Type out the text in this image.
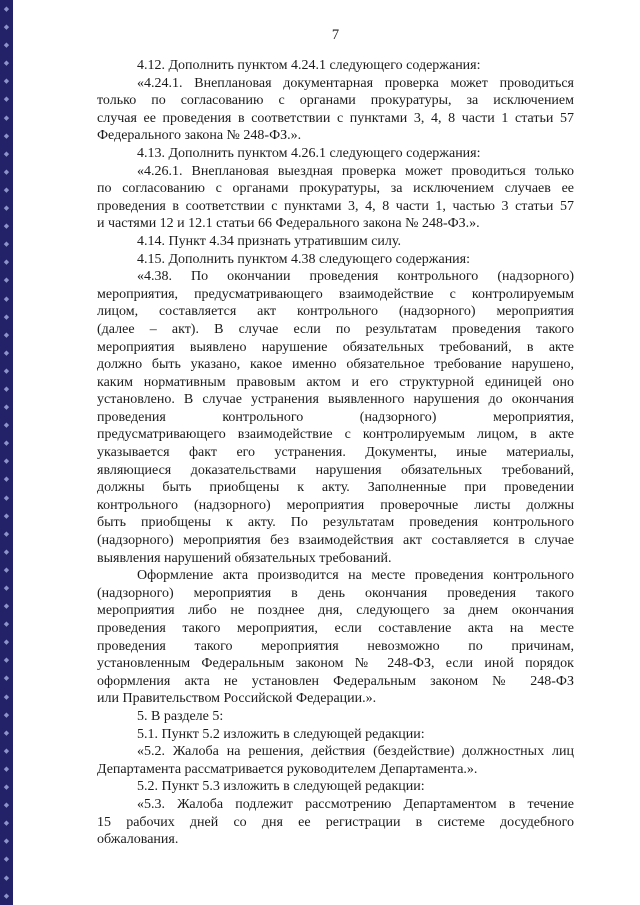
◆
◆
◆
◆
◆
◆
◆
◆
◆
◆
◆
◆
◆
◆
◆
◆
◆
◆
◆
◆
◆
◆
◆
◆
◆
◆
◆
◆
◆
◆
◆
◆
◆
◆
◆
◆
◆
◆
◆
◆
◆
◆
◆
◆
◆
◆
◆
◆
◆
◆
7
4.12. Дополнить пунктом 4.24.1 следующего содержания:
«4.24.1. Внеплановая документарная проверка может проводиться
только по согласованию с органами прокуратуры, за исключением
случая ее проведения в соответствии с пунктами 3, 4, 8 части 1 статьи 57
Федерального закона № 248-ФЗ.».
4.13. Дополнить пунктом 4.26.1 следующего содержания:
«4.26.1. Внеплановая выездная проверка может проводиться только
по согласованию с органами прокуратуры, за исключением случаев ее
проведения в соответствии с пунктами 3, 4, 8 части 1, частью 3 статьи 57
и частями 12 и 12.1 статьи 66 Федерального закона № 248-ФЗ.».
4.14. Пункт 4.34 признать утратившим силу.
4.15. Дополнить пунктом 4.38 следующего содержания:
«4.38. По окончании проведения контрольного (надзорного)
мероприятия, предусматривающего взаимодействие с контролируемым
лицом, составляется акт контрольного (надзорного) мероприятия
(далее – акт). В случае если по результатам проведения такого
мероприятия выявлено нарушение обязательных требований, в акте
должно быть указано, какое именно обязательное требование нарушено,
каким нормативным правовым актом и его структурной единицей оно
установлено. В случае устранения выявленного нарушения до окончания
проведения контрольного (надзорного) мероприятия,
предусматривающего взаимодействие с контролируемым лицом, в акте
указывается факт его устранения. Документы, иные материалы,
являющиеся доказательствами нарушения обязательных требований,
должны быть приобщены к акту. Заполненные при проведении
контрольного (надзорного) мероприятия проверочные листы должны
быть приобщены к акту. По результатам проведения контрольного
(надзорного) мероприятия без взаимодействия акт составляется в случае
выявления нарушений обязательных требований.
Оформление акта производится на месте проведения контрольного
(надзорного) мероприятия в день окончания проведения такого
мероприятия либо не позднее дня, следующего за днем окончания
проведения такого мероприятия, если составление акта на месте
проведения такого мероприятия невозможно по причинам,
установленным Федеральным законом № 248-ФЗ, если иной порядок
оформления акта не установлен Федеральным законом № 248-ФЗ
или Правительством Российской Федерации.».
5. В разделе 5:
5.1. Пункт 5.2 изложить в следующей редакции:
«5.2. Жалоба на решения, действия (бездействие) должностных лиц
Департамента рассматривается руководителем Департамента.».
5.2. Пункт 5.3 изложить в следующей редакции:
«5.3. Жалоба подлежит рассмотрению Департаментом в течение
15 рабочих дней со дня ее регистрации в системе досудебного
обжалования.
